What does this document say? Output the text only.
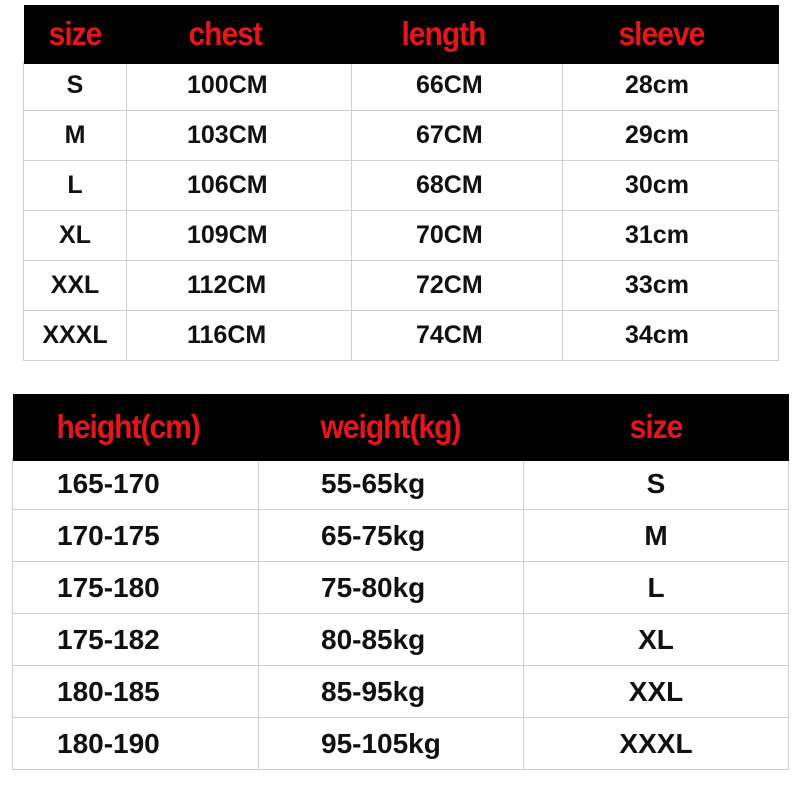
size	chest	length	sleeve
S	100CM	66CM	28cm
M	103CM	67CM	29cm
L	106CM	68CM	30cm
XL	109CM	70CM	31cm
XXL	112CM	72CM	33cm
XXXL	116CM	74CM	34cm
height(cm)	weight(kg)	size
165-170	55-65kg	S
170-175	65-75kg	M
175-180	75-80kg	L
175-182	80-85kg	XL
180-185	85-95kg	XXL
180-190	95-105kg	XXXL
